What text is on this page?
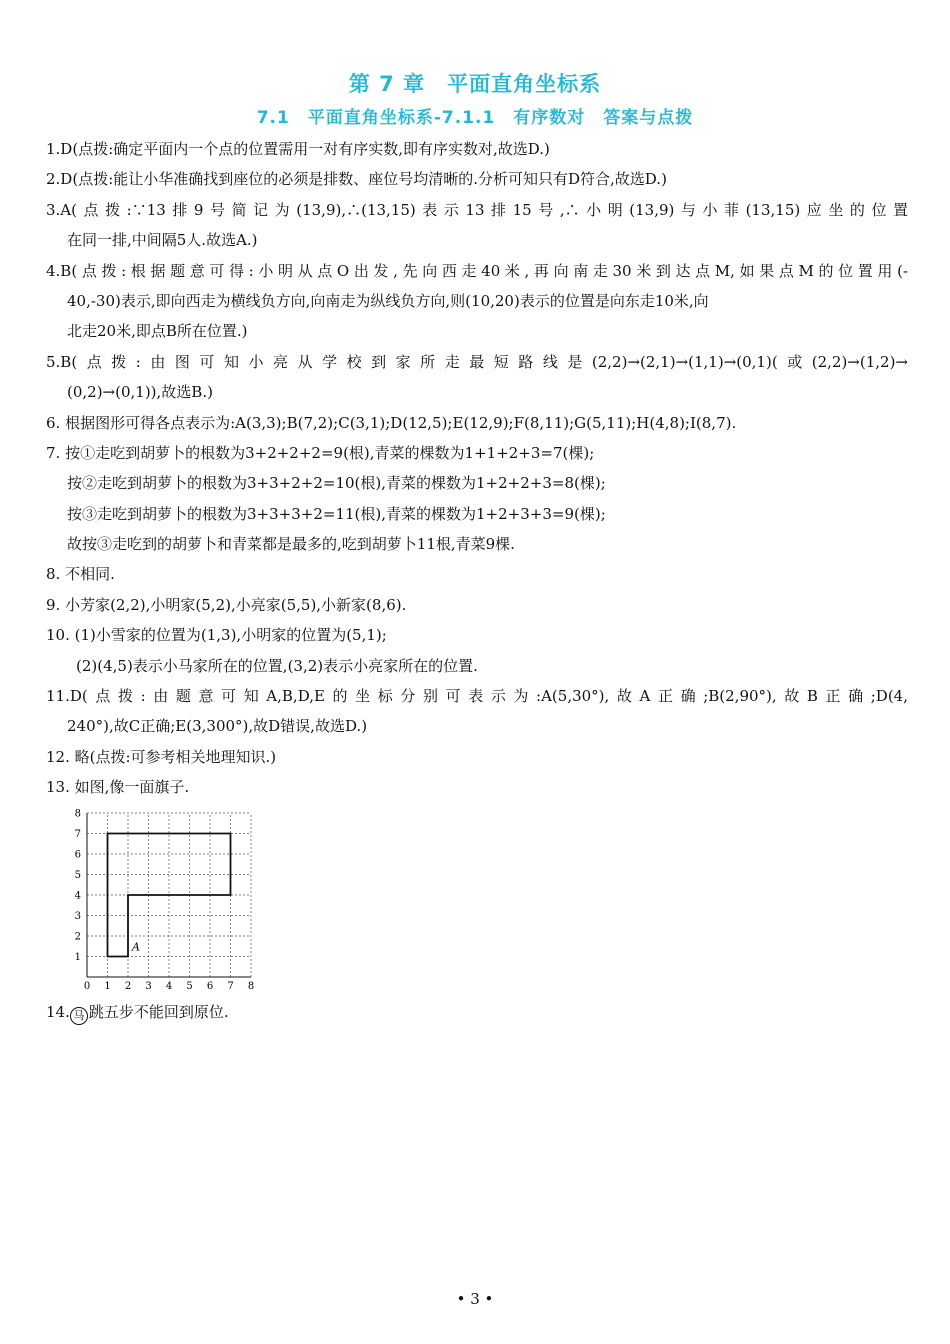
第 7 章　平面直角坐标系
7.1　平面直角坐标系-7.1.1　有序数对　答案与点拨
1.D(点拨:确定平面内一个点的位置需用一对有序实数,即有序实数对,故选D.)
2.D(点拨:能让小华准确找到座位的必须是排数、座位号均清晰的.分析可知只有D符合,故选D.)
3.A(点拨:∵13排9号简记为(13,9),∴(13,15)表示13排15号,∴小明(13,9)与小菲(13,15)应坐的位置
在同一排,中间隔5人.故选A.)
4.B(点拨:根据题意可得:小明从点O出发,先向西走40米,再向南走30米到达点M,如果点M的位置用(-
40,-30)表示,即向西走为横线负方向,向南走为纵线负方向,则(10,20)表示的位置是向东走10米,向
北走20米,即点B所在位置.)
5.B(点拨:由图可知小亮从学校到家所走最短路线是(2,2)→(2,1)→(1,1)→(0,1)(或(2,2)→(1,2)→
(0,2)→(0,1)),故选B.)
6. 根据图形可得各点表示为:A(3,3);B(7,2);C(3,1);D(12,5);E(12,9);F(8,11);G(5,11);H(4,8);I(8,7).
7. 按①走吃到胡萝卜的根数为3+2+2+2=9(根),青菜的棵数为1+1+2+3=7(棵);
按②走吃到胡萝卜的根数为3+3+2+2=10(根),青菜的棵数为1+2+2+3=8(棵);
按③走吃到胡萝卜的根数为3+3+3+2=11(根),青菜的棵数为1+2+3+3=9(棵);
故按③走吃到的胡萝卜和青菜都是最多的,吃到胡萝卜11根,青菜9棵.
8. 不相同.
9. 小芳家(2,2),小明家(5,2),小亮家(5,5),小新家(8,6).
10. (1)小雪家的位置为(1,3),小明家的位置为(5,1);
(2)(4,5)表示小马家所在的位置,(3,2)表示小亮家所在的位置.
11.D(点拨:由题意可知A,B,D,E的坐标分别可表示为:A(5,30°),故A正确;B(2,90°),故B正确;D(4,
240°),故C正确;E(3,300°),故D错误,故选D.)
12. 略(点拨:可参考相关地理知识.)
13. 如图,像一面旗子.
0 1 2 3 4 5 6 7 8
1
2
3
4
5
6
7
8
A
14. 马 跳五步不能回到原位.
• 3 •
